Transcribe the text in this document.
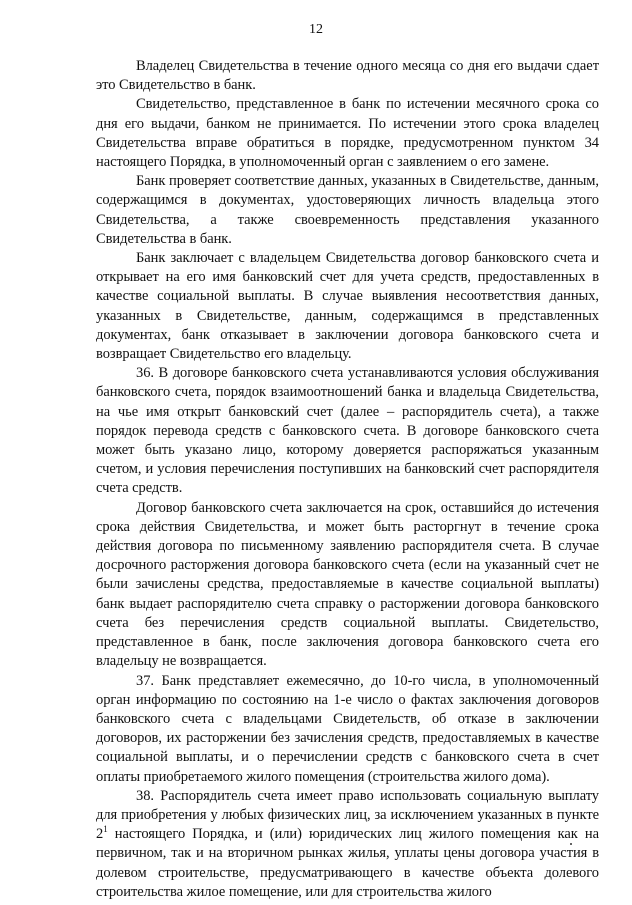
12

Владелец Свидетельства в течение одного месяца со дня его выдачи сдает это Свидетельство в банк.

Свидетельство, представленное в банк по истечении месячного срока со дня его выдачи, банком не принимается. По истечении этого срока владелец Свидетельства вправе обратиться в порядке, предусмотренном пунктом 34 настоящего Порядка, в уполномоченный орган с заявлением о его замене.

Банк проверяет соответствие данных, указанных в Свидетельстве, данным, содержащимся в документах, удостоверяющих личность владельца этого Свидетельства, а также своевременность представления указанного Свидетельства в банк.

Банк заключает с владельцем Свидетельства договор банковского счета и открывает на его имя банковский счет для учета средств, предоставленных в качестве социальной выплаты. В случае выявления несоответствия данных, указанных в Свидетельстве, данным, содержащимся в представленных документах, банк отказывает в заключении договора банковского счета и возвращает Свидетельство его владельцу.

36. В договоре банковского счета устанавливаются условия обслуживания банковского счета, порядок взаимоотношений банка и владельца Свидетельства, на чье имя открыт банковский счет (далее – распорядитель счета), а также порядок перевода средств с банковского счета. В договоре банковского счета может быть указано лицо, которому доверяется распоряжаться указанным счетом, и условия перечисления поступивших на банковский счет распорядителя счета средств.

Договор банковского счета заключается на срок, оставшийся до истечения срока действия Свидетельства, и может быть расторгнут в течение срока действия договора по письменному заявлению распорядителя счета. В случае досрочного расторжения договора банковского счета (если на указанный счет не были зачислены средства, предоставляемые в качестве социальной выплаты) банк выдает распорядителю счета справку о расторжении договора банковского счета без перечисления средств социальной выплаты. Свидетельство, представленное в банк, после заключения договора банковского счета его владельцу не возвращается.

37. Банк представляет ежемесячно, до 10-го числа, в уполномоченный орган информацию по состоянию на 1-е число о фактах заключения договоров банковского счета с владельцами Свидетельств, об отказе в заключении договоров, их расторжении без зачисления средств, предоставляемых в качестве социальной выплаты, и о перечислении средств с банковского счета в счет оплаты приобретаемого жилого помещения (строительства жилого дома).

38. Распорядитель счета имеет право использовать социальную выплату для приобретения у любых физических лиц, за исключением указанных в пункте $2^1$ настоящего Порядка, и (или) юридических лиц жилого помещения как на первичном, так и на вторичном рынках жилья, уплаты цены договора участия в долевом строительстве, предусматривающего в качестве объекта долевого строительства жилое помещение, или для строительства жилого
